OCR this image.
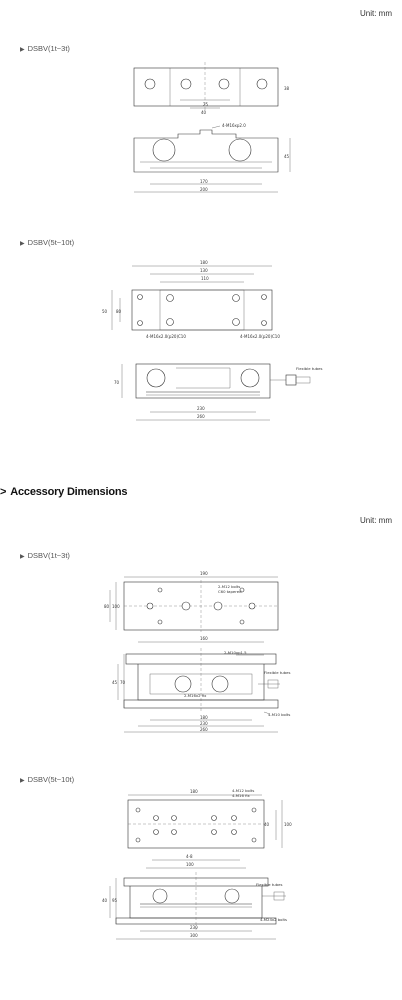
Unit: mm
▶ DSBV(1t~3t)
25
40
38
4-M16xp2.0
45
170
200
▶ DSBV(5t~10t)
180
130
110
50 80
4-M16x2.0(p20)C10	4-M16x2.0(p20)C10
70
230
260
Flexible tubes
> Accessory Dimensions
Unit: mm
▶ DSBV(1t~3t)
190
2-M12 bolts
C60 tapered
80 100
160
2-M10xp1.5
Flexible tubes
2-M16x2 fix
45 70
4-M10 bolts
180
230
260
▶ DSBV(5t~10t)
180	4-M12 bolts
4-M16 fix
40	100
4-8
100
Flexible tubes
40 95
4-M24x2 bolts
230
300
